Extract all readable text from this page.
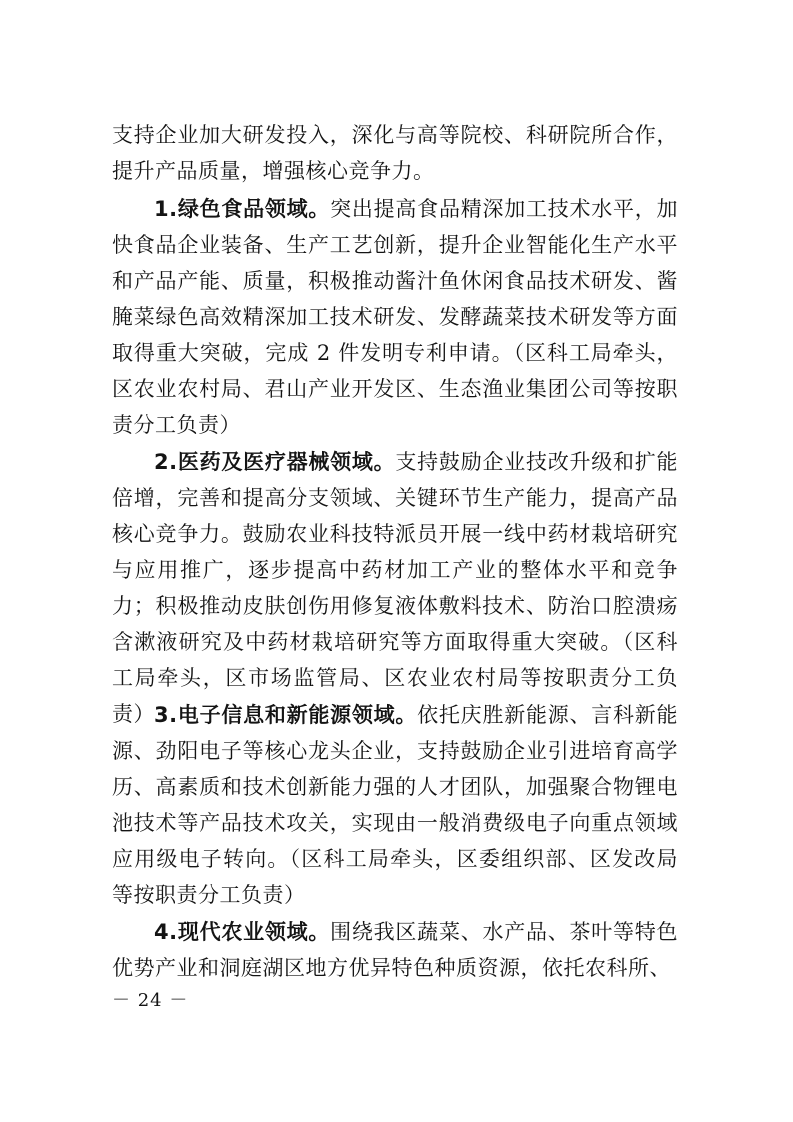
支持企业加大研发投入，深化与高等院校、科研院所合作，提升产品质量，增强核心竞争力。

1.绿色食品领域。突出提高食品精深加工技术水平，加快食品企业装备、生产工艺创新，提升企业智能化生产水平和产品产能、质量，积极推动酱汁鱼休闲食品技术研发、酱腌菜绿色高效精深加工技术研发、发酵蔬菜技术研发等方面取得重大突破，完成 2 件发明专利申请。（区科工局牵头，区农业农村局、君山产业开发区、生态渔业集团公司等按职责分工负责）

2.医药及医疗器械领域。支持鼓励企业技改升级和扩能倍增，完善和提高分支领域、关键环节生产能力，提高产品核心竞争力。鼓励农业科技特派员开展一线中药材栽培研究与应用推广，逐步提高中药材加工产业的整体水平和竞争力；积极推动皮肤创伤用修复液体敷料技术、防治口腔溃疡含漱液研究及中药材栽培研究等方面取得重大突破。（区科工局牵头，区市场监管局、区农业农村局等按职责分工负责） 3.电子信息和新能源领域。依托庆胜新能源、言科新能源、劲阳电子等核心龙头企业，支持鼓励企业引进培育高学历、高素质和技术创新能力强的人才团队，加强聚合物锂电池技术等产品技术攻关，实现由一般消费级电子向重点领域应用级电子转向。（区科工局牵头，区委组织部、区发改局等按职责分工负责）

4.现代农业领域。围绕我区蔬菜、水产品、茶叶等特色优势产业和洞庭湖区地方优异特色种质资源，依托农科所、

－ 24 －
